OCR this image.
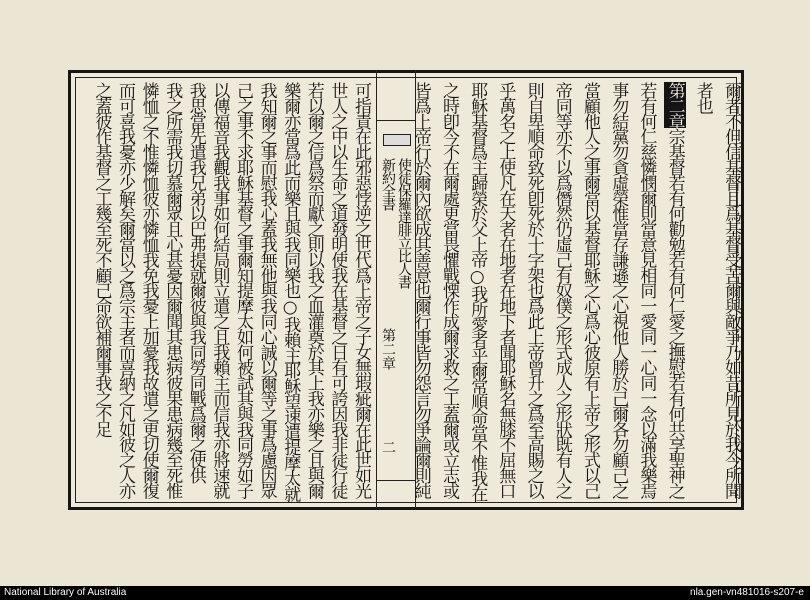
爾者不但信基督且爲基督受苦爾與敵爭乃如昔所見於我今所聞
者也
第二章宗基督若有何勸勉若有何仁愛之撫慰若有何共享聖神之
若有何仁慈憐憫爾則當意見相同一愛同一心同一念以滿我樂焉
事勿結黨勿貪虛榮惟當存謙遜之心視他人勝於己爾各勿顧己之
當顧他人之事爾當以基督耶穌之心爲心彼原有上帝之形式以己
帝同等亦不以爲僭然仍虛己有奴僕之形式成人之形狀既有人之
則自卑順命致死卽死於十字架也爲此上帝曾升之爲至高賜之以
乎萬名之上使凡在天者在地者在地下者聞耶穌名無膝不屈無口
耶穌基督爲主歸榮於父上帝○我所愛者乎爾常順命當不惟我在
之時卽今不在爾處更當畏懼戰慄作成爾求救之工蓋爾或立志或
皆爲上帝行於爾內欲成其善意也爾行事皆勿怨言勿爭論爾則純
可指責在此邪惡悖逆之世代爲上帝之子女無瑕疵爾在此世如光
世人之中以生命之道發明使我在基督之日有可誇因我非徒行徒
若以爾之信爲祭而獻之則以我之血灌奠於其上我亦樂之且與爾
樂爾亦當爲此而樂且與我同樂也○我賴主耶穌望速遣提摩太就
我知爾之事而慰我心蓋我無他與我同心誠以爾等之事爲慮因眾
己之事不求耶穌基督之事爾知提摩太如何被試其與我同勞如子
以傳福音我觀我事如何結局則立遣之且我賴主而信我亦將速就
我思當先遣我兄弟以巴弗提就爾彼與我同勞同戰爲爾之使供
我之所需我切慕爾眾且心甚憂因爾聞其患病彼果患病幾至死惟
憐恤之不惟憐恤彼亦憐恤我免我憂上加憂我故遣之更切使爾復
而可喜我憂亦少解矣爾當以之爲宗主者而喜納之凡如彼之人亦
之蓋彼作基督之工幾至死不顧己命欲補爾事我之不足	新約全書 使徒保羅達腓立比人書
第二章
二
National Library of Australia	nla.gen-vn481016-s207-e
